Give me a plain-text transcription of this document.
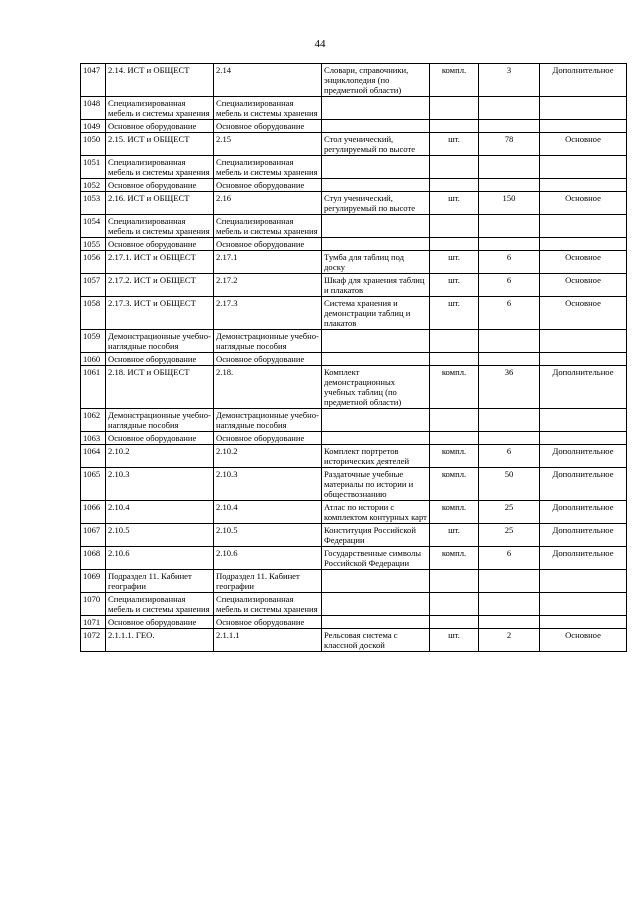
44
1047	2.14. ИСТ и ОБЩЕСТ	2.14	Словари, справочники, энциклопедия (по предметной области)	компл.	3	Дополнительное
1048	Специализированная мебель и системы хранения	Специализированная мебель и системы хранения				
1049	Основное оборудование	Основное оборудование				
1050	2.15. ИСТ и ОБЩЕСТ	2.15	Стол ученический, регулируемый по высоте	шт.	78	Основное
1051	Специализированная мебель и системы хранения	Специализированная мебель и системы хранения				
1052	Основное оборудование	Основное оборудование				
1053	2.16. ИСТ и ОБЩЕСТ	2.16	Стул ученический, регулируемый по высоте	шт.	150	Основное
1054	Специализированная мебель и системы хранения	Специализированная мебель и системы хранения				
1055	Основное оборудование	Основное оборудование				
1056	2.17.1. ИСТ и ОБЩЕСТ	2.17.1	Тумба для таблиц под доску	шт.	6	Основное
1057	2.17.2. ИСТ и ОБЩЕСТ	2.17.2	Шкаф для хранения таблиц и плакатов	шт.	6	Основное
1058	2.17.3. ИСТ и ОБЩЕСТ	2.17.3	Система хранения и демонстрации таблиц и плакатов	шт.	6	Основное
1059	Демонстрационные учебно-наглядные пособия	Демонстрационные учебно-наглядные пособия				
1060	Основное оборудование	Основное оборудование				
1061	2.18. ИСТ и ОБЩЕСТ	2.18.	Комплект демонстрационных учебных таблиц (по предметной области)	компл.	36	Дополнительное
1062	Демонстрационные учебно-наглядные пособия	Демонстрационные учебно-наглядные пособия				
1063	Основное оборудование	Основное оборудование				
1064	2.10.2	2.10.2	Комплект портретов исторических деятелей	компл.	6	Дополнительное
1065	2.10.3	2.10.3	Раздаточные учебные материалы по истории и обществознанию	компл.	50	Дополнительное
1066	2.10.4	2.10.4	Атлас по истории с комплектом контурных карт	компл.	25	Дополнительное
1067	2.10.5	2.10.5	Конституция Российской Федерации	шт.	25	Дополнительное
1068	2.10.6	2.10.6	Государственные символы Российской Федерации	компл.	6	Дополнительное
1069	Подраздел 11. Кабинет географии	Подраздел 11. Кабинет географии				
1070	Специализированная мебель и системы хранения	Специализированная мебель и системы хранения				
1071	Основное оборудование	Основное оборудование				
1072	2.1.1.1. ГЕО.	2.1.1.1	Рельсовая система с классной доской	шт.	2	Основное
